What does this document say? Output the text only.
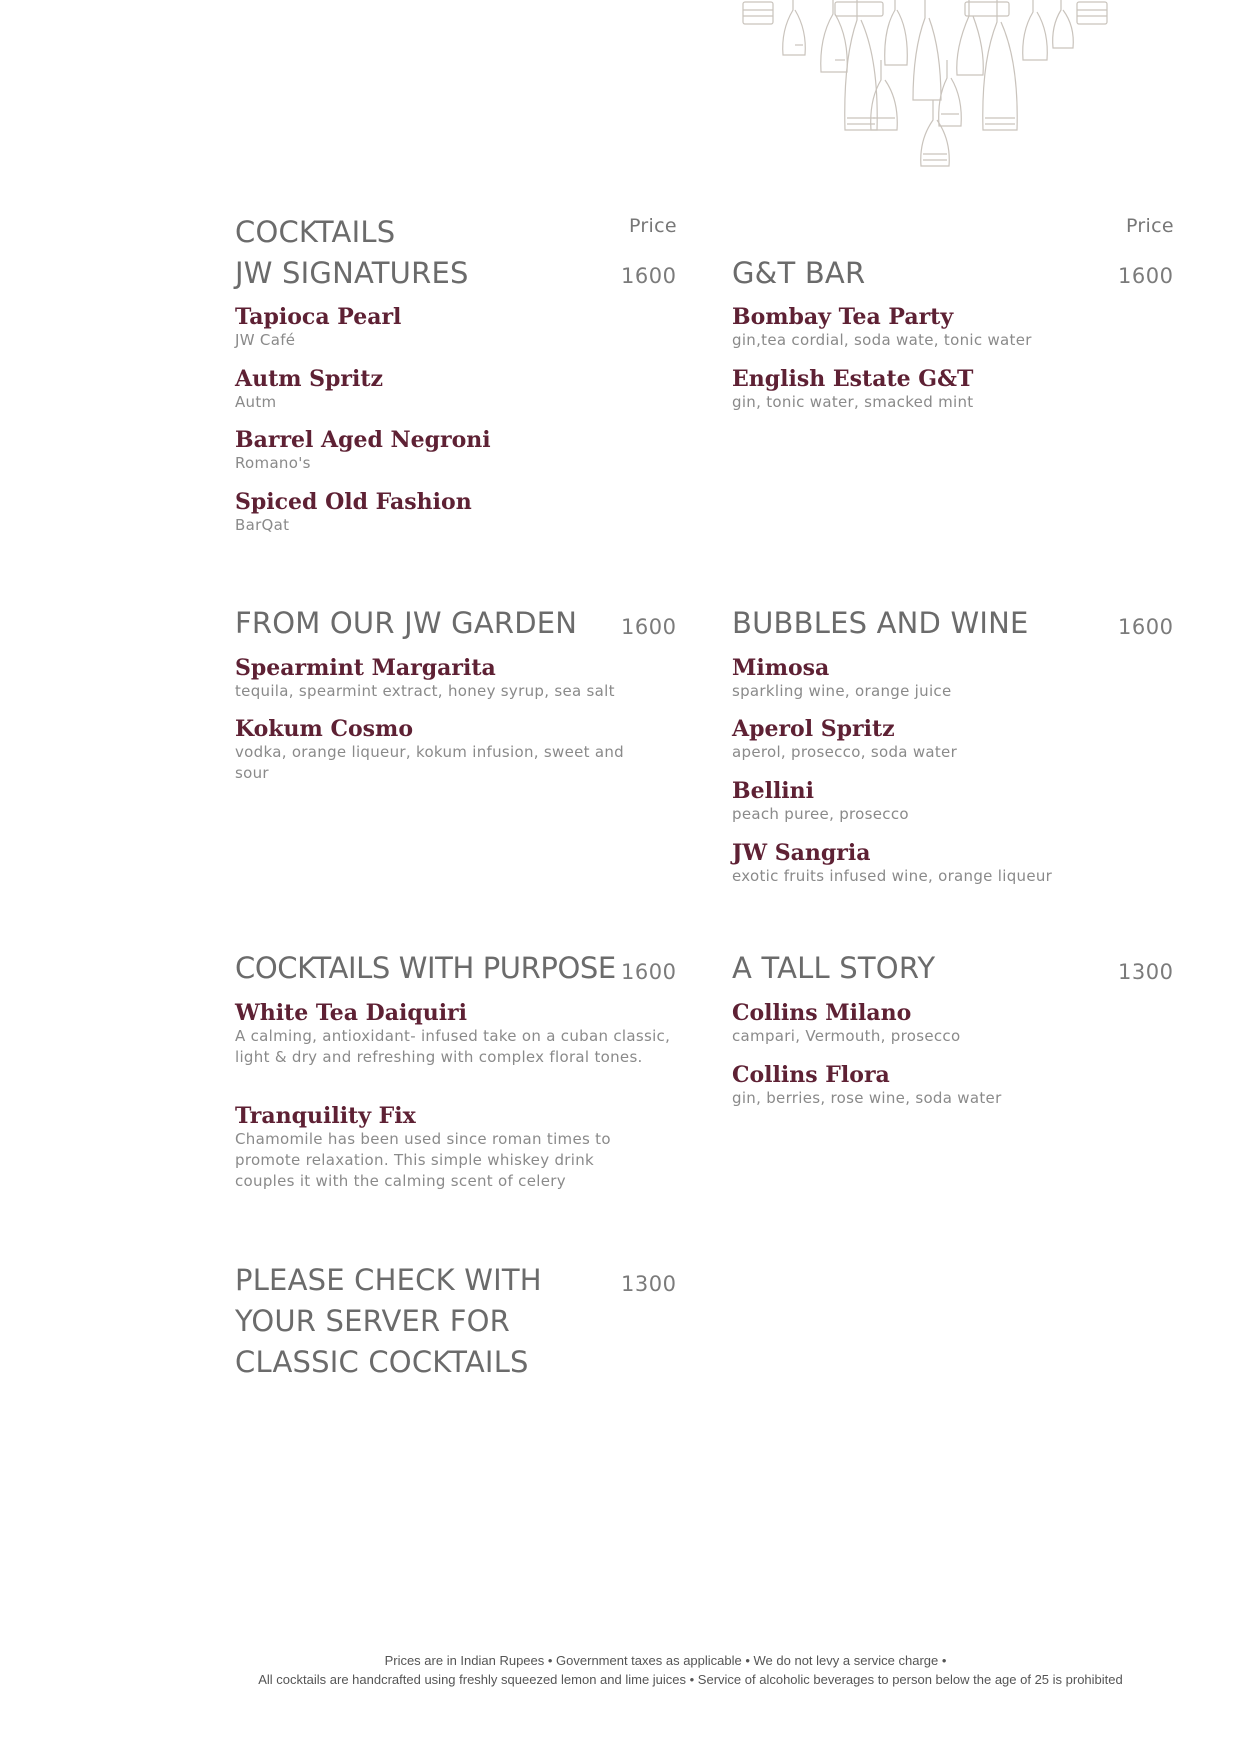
Price	Price
COCKTAILS
JW SIGNATURES	1600
Tapioca Pearl
JW Café
Autm Spritz
Autm
Barrel Aged Negroni
Romano's
Spiced Old Fashion
BarQat
G&T BAR	1600
Bombay Tea Party
gin,tea cordial, soda wate, tonic water
English Estate G&T
gin, tonic water, smacked mint
FROM OUR JW GARDEN 1600
Spearmint Margarita
tequila, spearmint extract, honey syrup, sea salt
Kokum Cosmo
vodka, orange liqueur, kokum infusion, sweet and sour
BUBBLES AND WINE	1600
Mimosa
sparkling wine, orange juice
Aperol Spritz
aperol, prosecco, soda water
Bellini
peach puree, prosecco
JW Sangria
exotic fruits infused wine, orange liqueur
COCKTAILS WITH PURPOSE 1600
White Tea Daiquiri
A calming, antioxidant- infused take on a cuban classic, light & dry and refreshing with complex floral tones.
Tranquility Fix
Chamomile has been used since roman times to promote relaxation. This simple whiskey drink couples it with the calming scent of celery
A TALL STORY	1300
Collins Milano
campari, Vermouth, prosecco
Collins Flora
gin, berries, rose wine, soda water
PLEASE CHECK WITH
YOUR SERVER FOR
CLASSIC COCKTAILS
1300
Prices are in Indian Rupees • Government taxes as applicable • We do not levy a service charge •
All cocktails are handcrafted using freshly squeezed lemon and lime juices • Service of alcoholic beverages to person below the age of 25 is prohibited
